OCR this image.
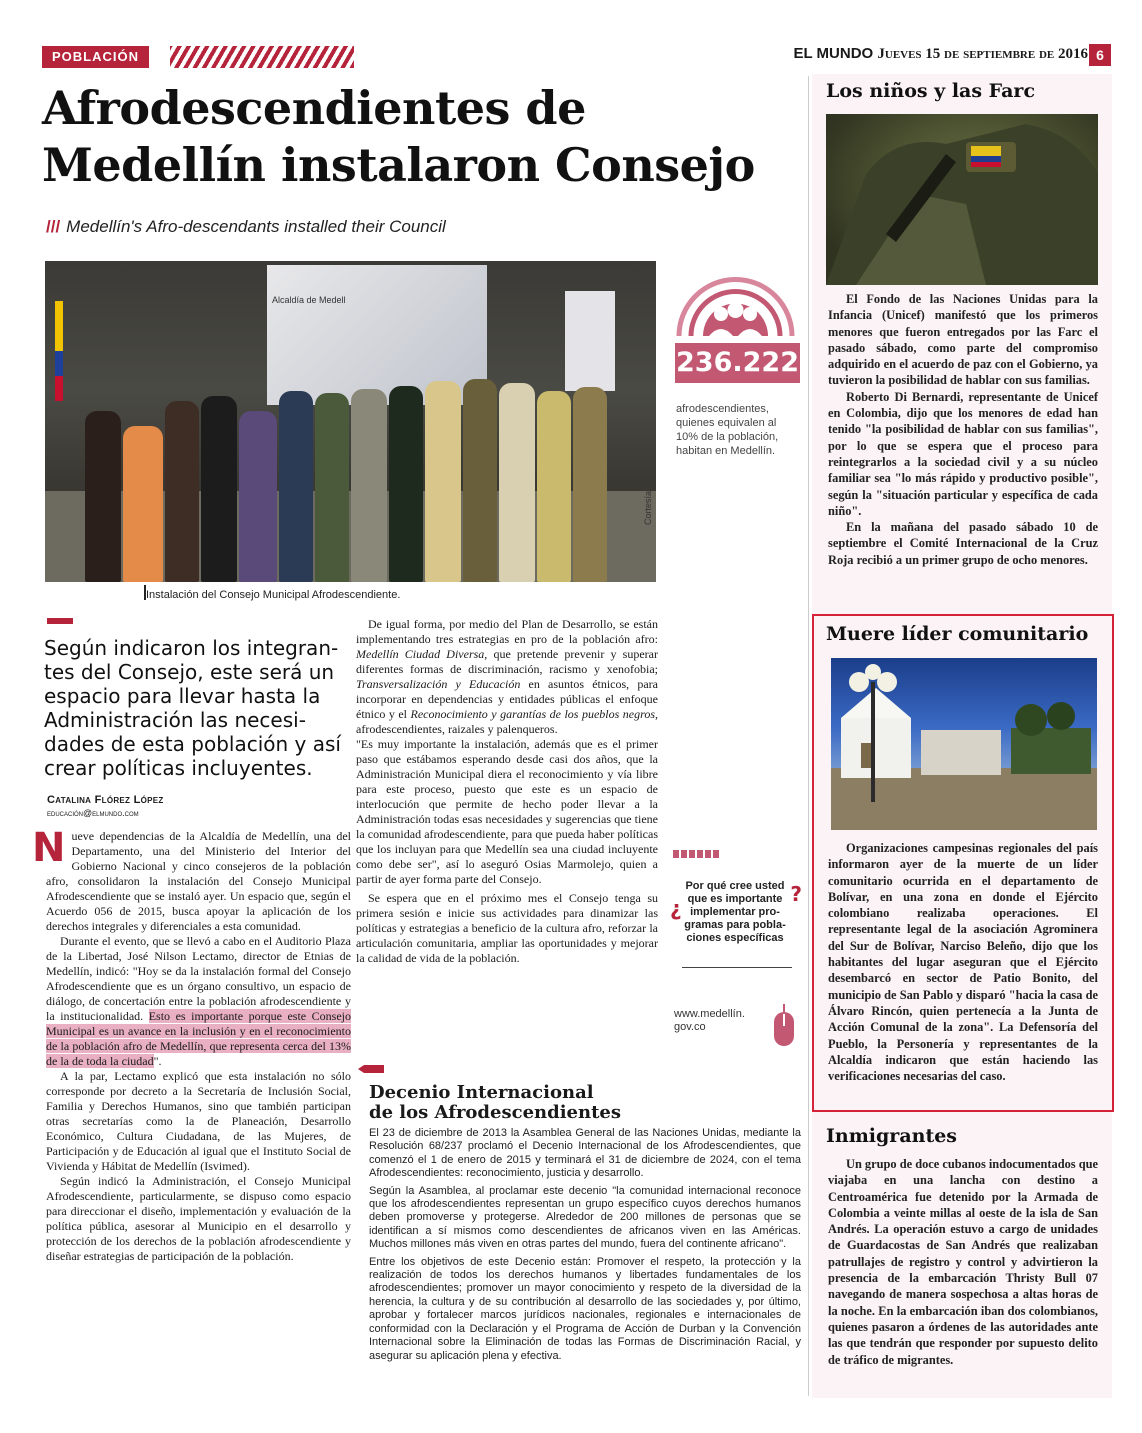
POBLACIÓN	EL MUNDO Jueves 15 de septiembre de 2016 6
Afrodescendientes de
Medellín instalaron Consejo
/// Medellín's Afro-descendants installed their Council
Alcaldía de Medell
Cortesía
Instalación del Consejo Municipal Afrodescendiente.
236.222
afrodescendientes,
quienes equivalen al
10% de la población,
habitan en Medellín.
Según indicaron los integran-
tes del Consejo, este será un
espacio para llevar hasta la
Administración las necesi-
dades de esta población y así
crear políticas incluyentes.
Catalina Flórez López
educación@elmundo.com

Nueve dependencias de la Alcaldía de Medellín, una del Departamento, una del Ministerio del Interior del Gobierno Nacional y cinco consejeros de la población afro, consolidaron la instalación del Consejo Municipal Afrodescendiente que se instaló ayer. Un espacio que, según el Acuerdo 056 de 2015, busca apoyar la aplicación de los derechos integrales y diferenciales a esta comunidad.

Durante el evento, que se llevó a cabo en el Auditorio Plaza de la Libertad, José Nilson Lectamo, director de Etnias de Medellín, indicó: "Hoy se da la instalación formal del Consejo Afrodescendiente que es un órgano consultivo, un espacio de diálogo, de concertación entre la población afrodescendiente y la institucionalidad. Esto es importante porque este Consejo Municipal es un avance en la inclusión y en el reconocimiento de la población afro de Medellín, que representa cerca del 13% de la de toda la ciudad".

A la par, Lectamo explicó que esta instalación no sólo corresponde por decreto a la Secretaría de Inclusión Social, Familia y Derechos Humanos, sino que también participan otras secretarías como la de Planeación, Desarrollo Económico, Cultura Ciudadana, de las Mujeres, de Participación y de Educación al igual que el Instituto Social de Vivienda y Hábitat de Medellín (Isvimed).

Según indicó la Administración, el Consejo Municipal Afrodescendiente, particularmente, se dispuso como espacio para direccionar el diseño, implementación y evaluación de la política pública, asesorar al Municipio en el desarrollo y protección de los derechos de la población afrodescendiente y diseñar estrategias de participación de la población.

De igual forma, por medio del Plan de Desarrollo, se están implementando tres estrategias en pro de la población afro: Medellín Ciudad Diversa, que pretende prevenir y superar diferentes formas de discriminación, racismo y xenofobia; Transversalización y Educación en asuntos étnicos, para incorporar en dependencias y entidades públicas el enfoque étnico y el Reconocimiento y garantías de los pueblos negros, afrodescendientes, raizales y palenqueros.

"Es muy importante la instalación, además que es el primer paso que estábamos esperando desde casi dos años, que la Administración Municipal diera el reconocimiento y vía libre para este proceso, puesto que este es un espacio de interlocución que permite de hecho poder llevar a la Administración todas esas necesidades y sugerencias que tiene la comunidad afrodescendiente, para que pueda haber políticas que los incluyan para que Medellín sea una ciudad incluyente como debe ser", así lo aseguró Osias Marmolejo, quien a partir de ayer forma parte del Consejo.

Se espera que en el próximo mes el Consejo tenga su primera sesión e inicie sus actividades para dinamizar las políticas y estrategias a beneficio de la cultura afro, reforzar la articulación comunitaria, ampliar las oportunidades y mejorar la calidad de vida de la población.

¿
?
Por qué cree usted
que es importante
implementar pro-
gramas para pobla-
ciones específicas
www.medellín.
gov.co
Decenio Internacional
de los Afrodescendientes

El 23 de diciembre de 2013 la Asamblea General de las Naciones Unidas, mediante la Resolución 68/237 proclamó el Decenio Internacional de los Afrodescendientes, que comenzó el 1 de enero de 2015 y terminará el 31 de diciembre de 2024, con el tema Afrodescendientes: reconocimiento, justicia y desarrollo.

Según la Asamblea, al proclamar este decenio "la comunidad internacional reconoce que los afrodescendientes representan un grupo específico cuyos derechos humanos deben promoverse y protegerse. Alrededor de 200 millones de personas que se identifican a sí mismos como descendientes de africanos viven en las Américas. Muchos millones más viven en otras partes del mundo, fuera del continente africano".

Entre los objetivos de este Decenio están: Promover el respeto, la protección y la realización de todos los derechos humanos y libertades fundamentales de los afrodescendientes; promover un mayor conocimiento y respeto de la diversidad de la herencia, la cultura y de su contribución al desarrollo de las sociedades y, por último, aprobar y fortalecer marcos jurídicos nacionales, regionales e internacionales de conformidad con la Declaración y el Programa de Acción de Durban y la Convención Internacional sobre la Eliminación de todas las Formas de Discriminación Racial, y asegurar su aplicación plena y efectiva.

Los niños y las Farc

El Fondo de las Naciones Unidas para la Infancia (Unicef) manifestó que los primeros menores que fueron entregados por las Farc el pasado sábado, como parte del compromiso adquirido en el acuerdo de paz con el Gobierno, ya tuvieron la posibilidad de hablar con sus familias.

Roberto Di Bernardi, representante de Unicef en Colombia, dijo que los menores de edad han tenido "la posibilidad de hablar con sus familias", por lo que se espera que el proceso para reintegrarlos a la sociedad civil y a su núcleo familiar sea "lo más rápido y productivo posible", según la "situación particular y específica de cada niño".

En la mañana del pasado sábado 10 de septiembre el Comité Internacional de la Cruz Roja recibió a un primer grupo de ocho menores.

Muere líder comunitario

Organizaciones campesinas regionales del país informaron ayer de la muerte de un líder comunitario ocurrida en el departamento de Bolívar, en una zona en donde el Ejército colombiano realizaba operaciones. El representante legal de la asociación Agrominera del Sur de Bolívar, Narciso Beleño, dijo que los habitantes del lugar aseguran que el Ejército desembarcó en sector de Patio Bonito, del municipio de San Pablo y disparó "hacia la casa de Álvaro Rincón, quien pertenecía a la Junta de Acción Comunal de la zona". La Defensoría del Pueblo, la Personería y representantes de la Alcaldía indicaron que están haciendo las verificaciones necesarias del caso.

Inmigrantes

Un grupo de doce cubanos indocumentados que viajaba en una lancha con destino a Centroamérica fue detenido por la Armada de Colombia a veinte millas al oeste de la isla de San Andrés. La operación estuvo a cargo de unidades de Guardacostas de San Andrés que realizaban patrullajes de registro y control y advirtieron la presencia de la embarcación Thristy Bull 07 navegando de manera sospechosa a altas horas de la noche. En la embarcación iban dos colombianos, quienes pasaron a órdenes de las autoridades ante las que tendrán que responder por supuesto delito de tráfico de migrantes.
